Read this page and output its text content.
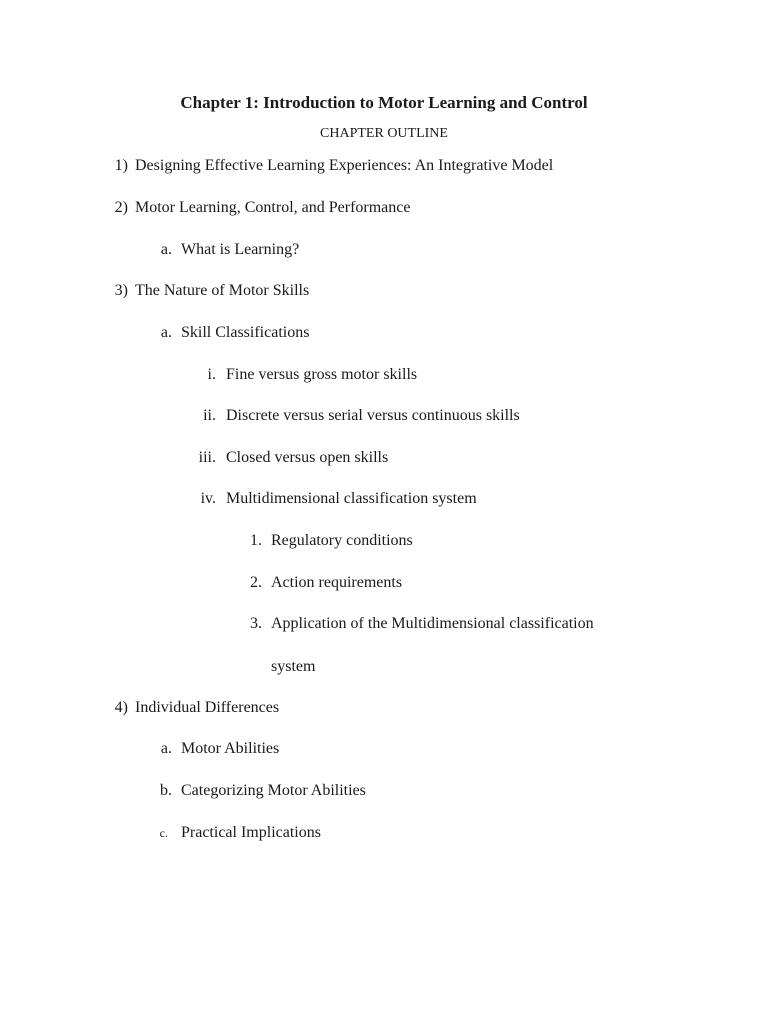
Chapter 1: Introduction to Motor Learning and Control
CHAPTER OUTLINE
1) Designing Effective Learning Experiences: An Integrative Model
2) Motor Learning, Control, and Performance
a. What is Learning?
3) The Nature of Motor Skills
a. Skill Classifications
i. Fine versus gross motor skills
ii. Discrete versus serial versus continuous skills
iii. Closed versus open skills
iv. Multidimensional classification system
1. Regulatory conditions
2. Action requirements
3. Application of the Multidimensional classification
system
4) Individual Differences
a. Motor Abilities
b. Categorizing Motor Abilities
c. Practical Implications
